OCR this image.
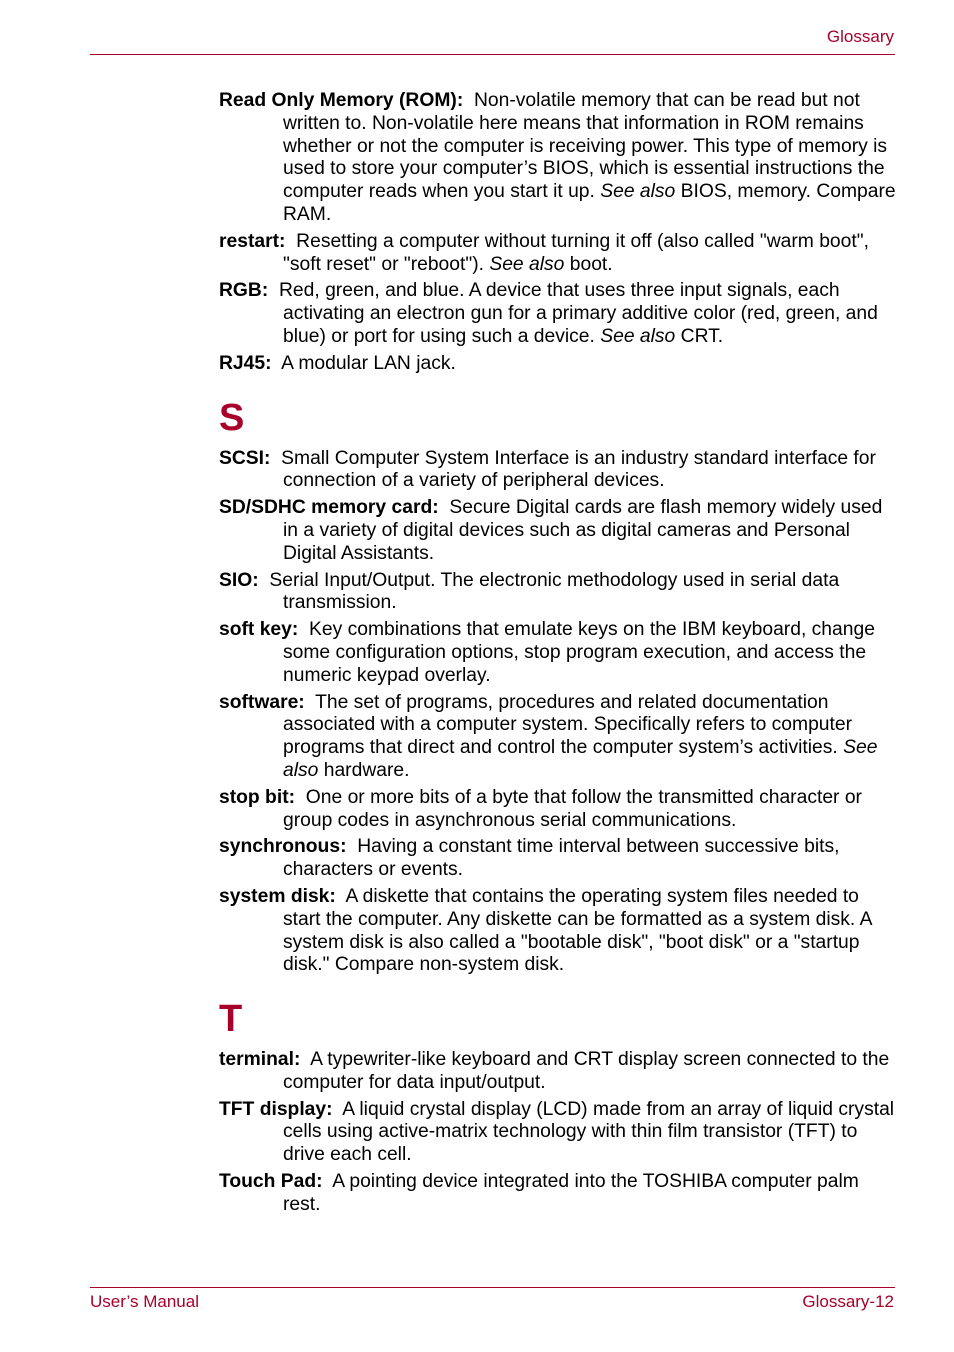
Glossary

Read Only Memory (ROM): Non-volatile memory that can be read but not written to. Non-volatile here means that information in ROM remains whether or not the computer is receiving power. This type of memory is used to store your computer’s BIOS, which is essential instructions the computer reads when you start it up. See also BIOS, memory. Compare RAM.

restart: Resetting a computer without turning it off (also called "warm boot", "soft reset" or "reboot"). See also boot.

RGB: Red, green, and blue. A device that uses three input signals, each activating an electron gun for a primary additive color (red, green, and blue) or port for using such a device. See also CRT.

RJ45: A modular LAN jack.

S

SCSI: Small Computer System Interface is an industry standard interface for connection of a variety of peripheral devices.

SD/SDHC memory card: Secure Digital cards are flash memory widely used in a variety of digital devices such as digital cameras and Personal Digital Assistants.

SIO: Serial Input/Output. The electronic methodology used in serial data transmission.

soft key: Key combinations that emulate keys on the IBM keyboard, change some configuration options, stop program execution, and access the numeric keypad overlay.

software: The set of programs, procedures and related documentation associated with a computer system. Specifically refers to computer programs that direct and control the computer system’s activities. See also hardware.

stop bit: One or more bits of a byte that follow the transmitted character or group codes in asynchronous serial communications.

synchronous: Having a constant time interval between successive bits, characters or events.

system disk: A diskette that contains the operating system files needed to start the computer. Any diskette can be formatted as a system disk. A system disk is also called a "bootable disk", "boot disk" or a "startup disk." Compare non-system disk.

T

terminal: A typewriter-like keyboard and CRT display screen connected to the computer for data input/output.

TFT display: A liquid crystal display (LCD) made from an array of liquid crystal cells using active-matrix technology with thin film transistor (TFT) to drive each cell.

Touch Pad: A pointing device integrated into the TOSHIBA computer palm rest.

User’s Manual	Glossary-12
